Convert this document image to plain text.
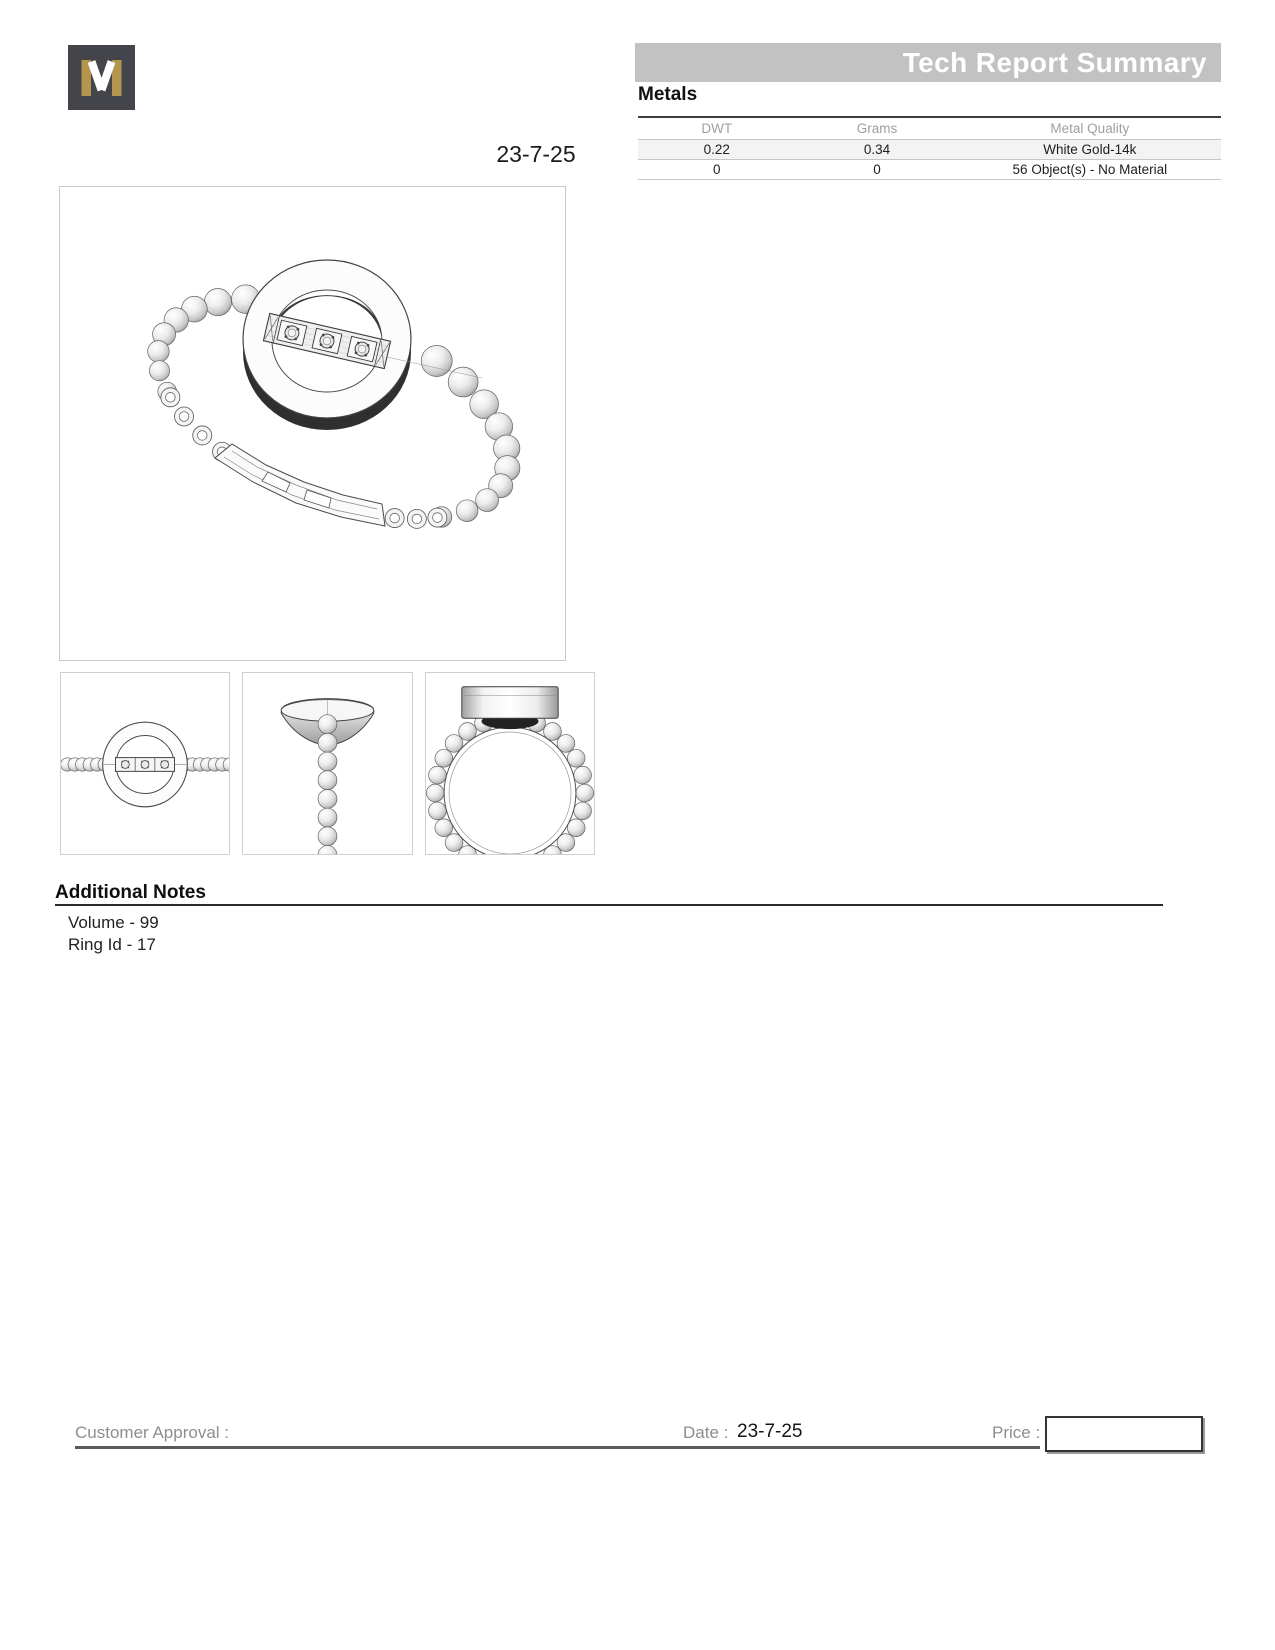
Tech Report Summary
Metals
DWT	Grams	Metal Quality
0.22	0.34	White Gold-14k
0	0	56 Object(s) - No Material
23-7-25
Additional Notes
Volume - 99
Ring Id - 17
Customer Approval :	Date : 23-7-25	Price :
